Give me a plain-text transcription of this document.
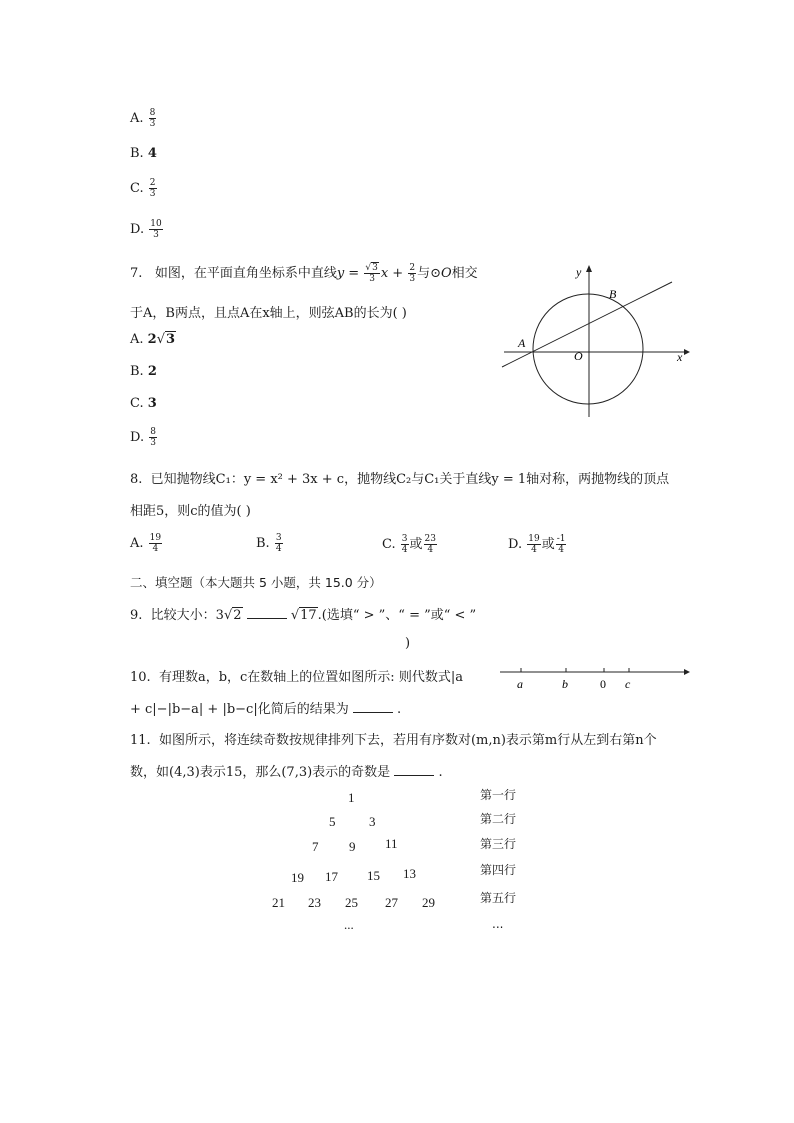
A. $\frac{8}{3}$
B. 4
C. $\frac{2}{3}$
D. $\frac{10}{3}$
7. 如图，在平面直角坐标系中直线$y = \frac{√3}{3}$ $x + \frac{2}{3}$ 与⊙O相交
于A，B两点，且点A在x轴上，则弦AB的长为( )
A. 2√3
B. 2
C. 3
D. $\frac{8}{3}$
y
x
A
B
O
8. 已知抛物线C₁：y = x² + 3x + c，抛物线C₂与C₁关于直线y = 1轴对称，两抛物线的顶点
相距5，则c的值为( )
A. $\frac{19}{4}$	B. $\frac{3}{4}$	C. $\frac{3}{4}$ 或 $\frac{23}{4}$	D. $\frac{19}{4}$ 或 $\frac{-1}{4}$
二、填空题（本大题共 5 小题，共 15.0 分）
9. 比较大小：3√2	√17.(选填“ > ”、“ = ”或“ < ”
)
10. 有理数a，b，c在数轴上的位置如图所示: 则代数式|a
+ c|−|b−a| + |b−c|化简后的结果为	.
a	b	0 c
11. 如图所示，将连续奇数按规律排列下去，若用有序数对(m,n)表示第m行从左到右第n个
数，如(4,3)表示15，那么(7,3)表示的奇数是	.
1
5	3
7 9 11
19 17 15 13
21 23 25 27 29
...
第一行
第二行
第三行
第四行
第五行
...
